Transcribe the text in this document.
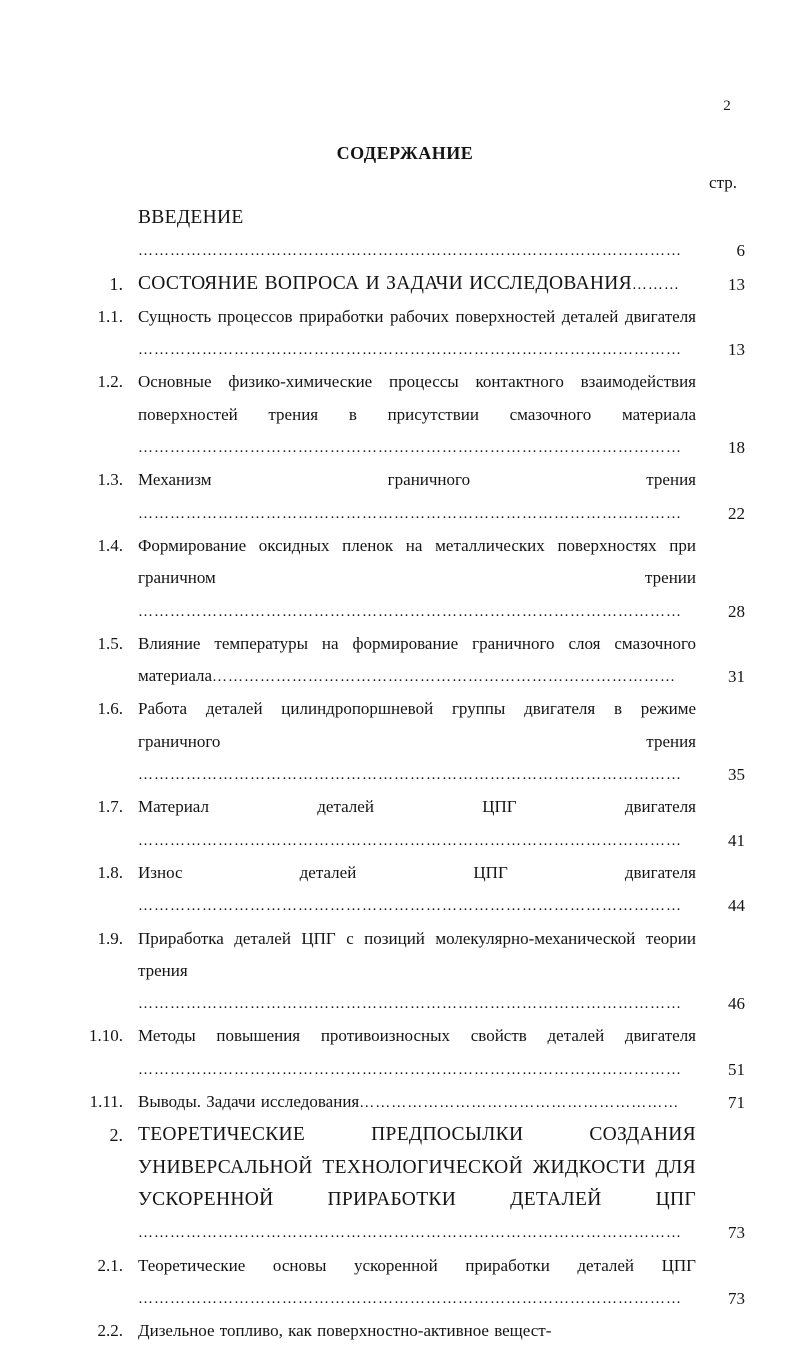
2
СОДЕРЖАНИЕ
стр.
6
ВВЕДЕНИЕ…………………………………………………………………………………………
1.	13
СОСТОЯНИЕ ВОПРОСА И ЗАДАЧИ ИССЛЕДОВАНИЯ………
1.1.
13
Сущность процессов приработки рабочих поверхностей деталей двигателя…………………………………………………………………………………………
1.2.
18
Основные физико-химические процессы контактного взаимодействия поверхностей трения в присутствии смазочного материала…………………………………………………………………………………………
1.3.
22
Механизм граничного трения…………………………………………………………………………………………
1.4.
28
Формирование оксидных пленок на металлических поверхностях при граничном трении…………………………………………………………………………………………
1.5.
31
Влияние температуры на формирование граничного слоя смазочного материала……………………………………………………………………………
1.6.
35
Работа деталей цилиндропоршневой группы двигателя в режиме граничного трения…………………………………………………………………………………………
1.7.
41
Материал деталей ЦПГ двигателя…………………………………………………………………………………………
1.8.
44
Износ деталей ЦПГ двигателя…………………………………………………………………………………………
1.9.
46
Приработка деталей ЦПГ с позиций молекулярно-механической теории трения…………………………………………………………………………………………
1.10.
51
Методы повышения противоизносных свойств деталей двигателя…………………………………………………………………………………………
1.11.	71
Выводы. Задачи исследования……………………………………………………
2.
73
ТЕОРЕТИЧЕСКИЕ ПРЕДПОСЫЛКИ СОЗДАНИЯ УНИВЕРСАЛЬНОЙ ТЕХНОЛОГИЧЕСКОЙ ЖИДКОСТИ ДЛЯ УСКОРЕННОЙ ПРИРАБОТКИ ДЕТАЛЕЙ ЦПГ…………………………………………………………………………………………
2.1.
73
Теоретические основы ускоренной приработки деталей ЦПГ…………………………………………………………………………………………
2.2. Дизельное топливо, как поверхностно-активное вещест-
